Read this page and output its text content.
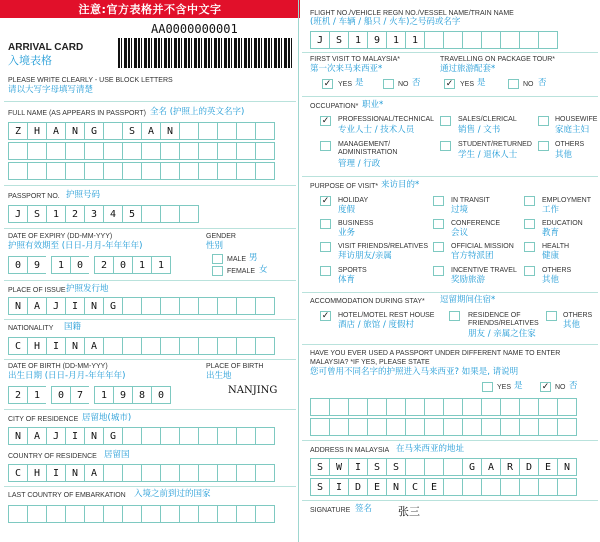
注意:官方表格并不含中文字
AA0000000001
ARRIVAL CARD
入境表格
PLEASE WRITE CLEARLY - USE BLOCK LETTERS
请以大写字母填写清楚
FULL NAME (AS APPEARS IN PASSPORT) 全名 (护照上的英文名字)
Z	H	A	N	G	S	A	N
PASSPORT NO. 护照号码
J	S	1	2	3	4	5
DATE OF EXPIRY (DD-MM-YYY)
护照有效期至 (日日-月月-年年年年)
0	9	1	0	2	0	1	1
GENDER
性别
MALE 男
FEMALE 女
PLACE OF ISSUE 护照发行地
N	A	J	I	N	G
NATIONALITY 国籍
C	H	I	N	A
DATE OF BIRTH (DD-MM-YYY)
出生日期 (日日-月月-年年年年)
2	1	0	7	1	9	8	0
PLACE OF BIRTH
出生地
NANJING
CITY OF RESIDENCE 居留地(城市)
N	A	J	I	N	G
COUNTRY OF RESIDENCE 居留国
C	H	I	N	A
LAST COUNTRY OF EMBARKATION 入境之前到过的国家
FLIGHT NO./VEHICLE REGN NO./VESSEL NAME/TRAIN NAME
(班机 / 车辆 / 船只 / 火车)之号码或名字
J	S	1	9	1	1
FIRST VISIT TO MALAYSIA*
第一次来马来西亚*
✓ YES 是	NO 否
TRAVELLING ON PACKAGE TOUR*
通过旅游配套*
✓ YES 是	NO 否
OCCUPATION* 职业*
✓ PROFESSIONAL/TECHNICAL
专业人士 / 技术人员
SALES/CLERICAL
销售 / 文书
HOUSEWIFE
家庭主妇
MANAGEMENT/ ADMINISTRATION
管理 / 行政
STUDENT/RETURNED
学生 / 退休人士
OTHERS
其他
PURPOSE OF VISIT* 来访目的*
✓ HOLIDAY
度假
IN TRANSIT
过境
EMPLOYMENT
工作
BUSINESS
业务
CONFERENCE
会议
EDUCATION
教育
VISIT FRIENDS/RELATIVES
拜访朋友/亲属
OFFICIAL MISSION
官方特派团
HEALTH
健康
SPORTS
体育
INCENTIVE TRAVEL
奖励旅游
OTHERS
其他
ACCOMMODATION DURING STAY* 逗留期间住宿*
✓ HOTEL/MOTEL REST HOUSE
酒店 / 旅馆 / 度假村
RESIDENCE OF FRIENDS/RELATIVES
朋友 / 亲属之住家
OTHERS
其他
HAVE YOU EVER USED A PASSPORT UNDER DIFFERENT NAME TO ENTER
MALAYSIA? *IF YES, PLEASE STATE
您可曾用不同名字的护照进入马来西亚? 如果是, 请说明
YES 是 ✓ NO 否
ADDRESS IN MALAYSIA 在马来西亚的地址
S	W	I	S	S	G	A	R	D	E	N
S	I	D	E	N	C	E
SIGNATURE 签名 张三
